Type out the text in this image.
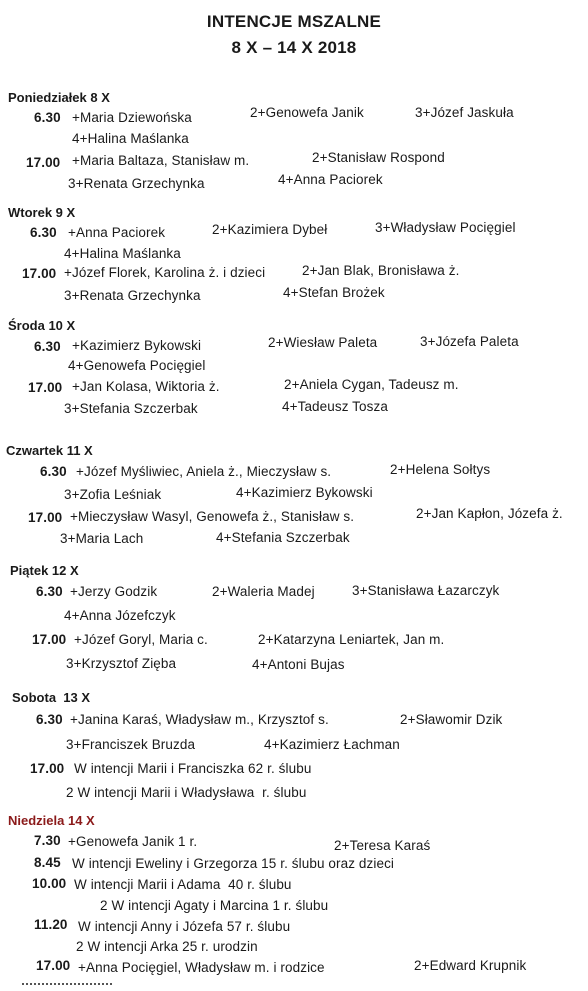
INTENCJE MSZALNE
8 X – 14 X 2018
Poniedziałek 8 X
6.30 +Maria Dziewońska	2+Genowefa Janik	3+Józef Jaskuła
4+Halina Maślanka
17.00 +Maria Baltaza, Stanisław m.	2+Stanisław Rospond
3+Renata Grzechynka	4+Anna Paciorek
Wtorek 9 X
6.30 +Anna Paciorek	2+Kazimiera Dybeł	3+Władysław Pocięgiel
4+Halina Maślanka
17.00 +Józef Florek, Karolina ż. i dzieci	2+Jan Blak, Bronisława ż.
3+Renata Grzechynka	4+Stefan Brożek
Środa 10 X
6.30 +Kazimierz Bykowski	2+Wiesław Paleta	3+Józefa Paleta
4+Genowefa Pocięgiel
17.00 +Jan Kolasa, Wiktoria ż.	2+Aniela Cygan, Tadeusz m.
3+Stefania Szczerbak	4+Tadeusz Tosza
Czwartek 11 X
6.30 +Józef Myśliwiec, Aniela ż., Mieczysław s.	2+Helena Sołtys
3+Zofia Leśniak	4+Kazimierz Bykowski
17.00 +Mieczysław Wasyl, Genowefa ż., Stanisław s.	2+Jan Kapłon, Józefa ż.
3+Maria Lach	4+Stefania Szczerbak
Piątek 12 X
6.30 +Jerzy Godzik	2+Waleria Madej	3+Stanisława Łazarczyk
4+Anna Józefczyk
17.00 +Józef Goryl, Maria c.	2+Katarzyna Leniartek, Jan m.
3+Krzysztof Zięba	4+Antoni Bujas
Sobota  13 X
6.30 +Janina Karaś, Władysław m., Krzysztof s.	2+Sławomir Dzik
3+Franciszek Bruzda	4+Kazimierz Łachman
17.00 W intencji Marii i Franciszka 62 r. ślubu
2 W intencji Marii i Władysława  r. ślubu
Niedziela 14 X
7.30 +Genowefa Janik 1 r.	2+Teresa Karaś
8.45 W intencji Eweliny i Grzegorza 15 r. ślubu oraz dzieci
10.00 W intencji Marii i Adama  40 r. ślubu
2 W intencji Agaty i Marcina 1 r. ślubu
11.20 W intencji Anny i Józefa 57 r. ślubu
2 W intencji Arka 25 r. urodzin
17.00 +Anna Pocięgiel, Władysław m. i rodzice	2+Edward Krupnik
